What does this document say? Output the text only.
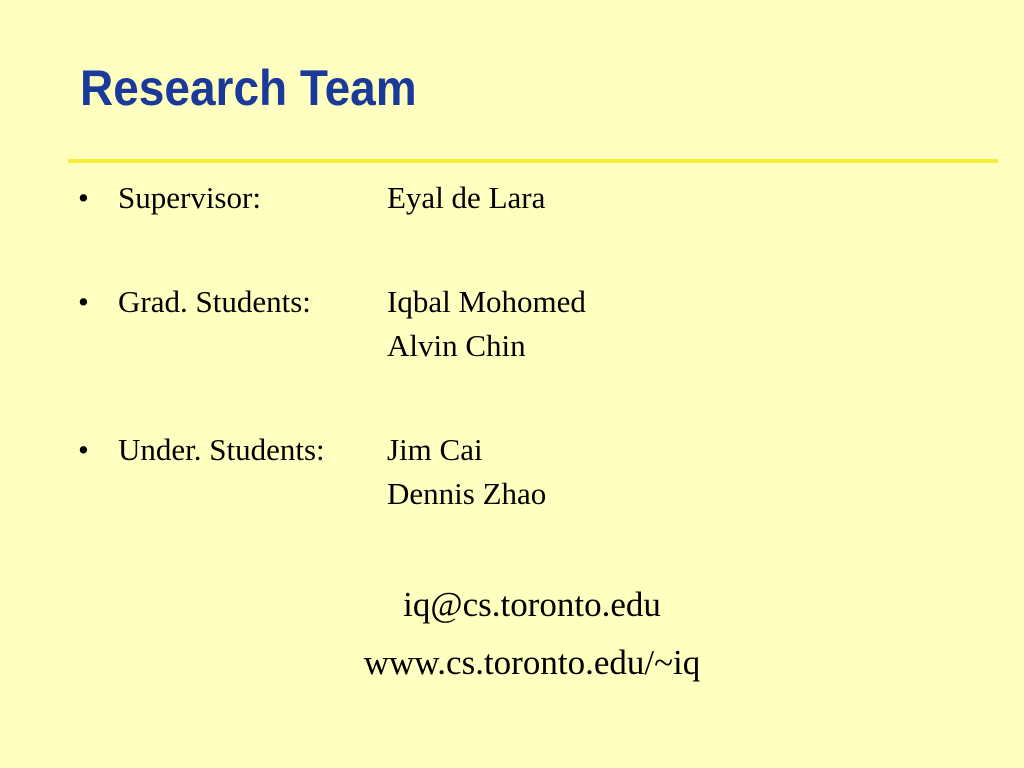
Research Team
• Supervisor:	Eyal de Lara
• Grad. Students: Iqbal Mohomed
Alvin Chin
• Under. Students: Jim Cai
Dennis Zhao
iq@cs.toronto.edu
www.cs.toronto.edu/~iq
